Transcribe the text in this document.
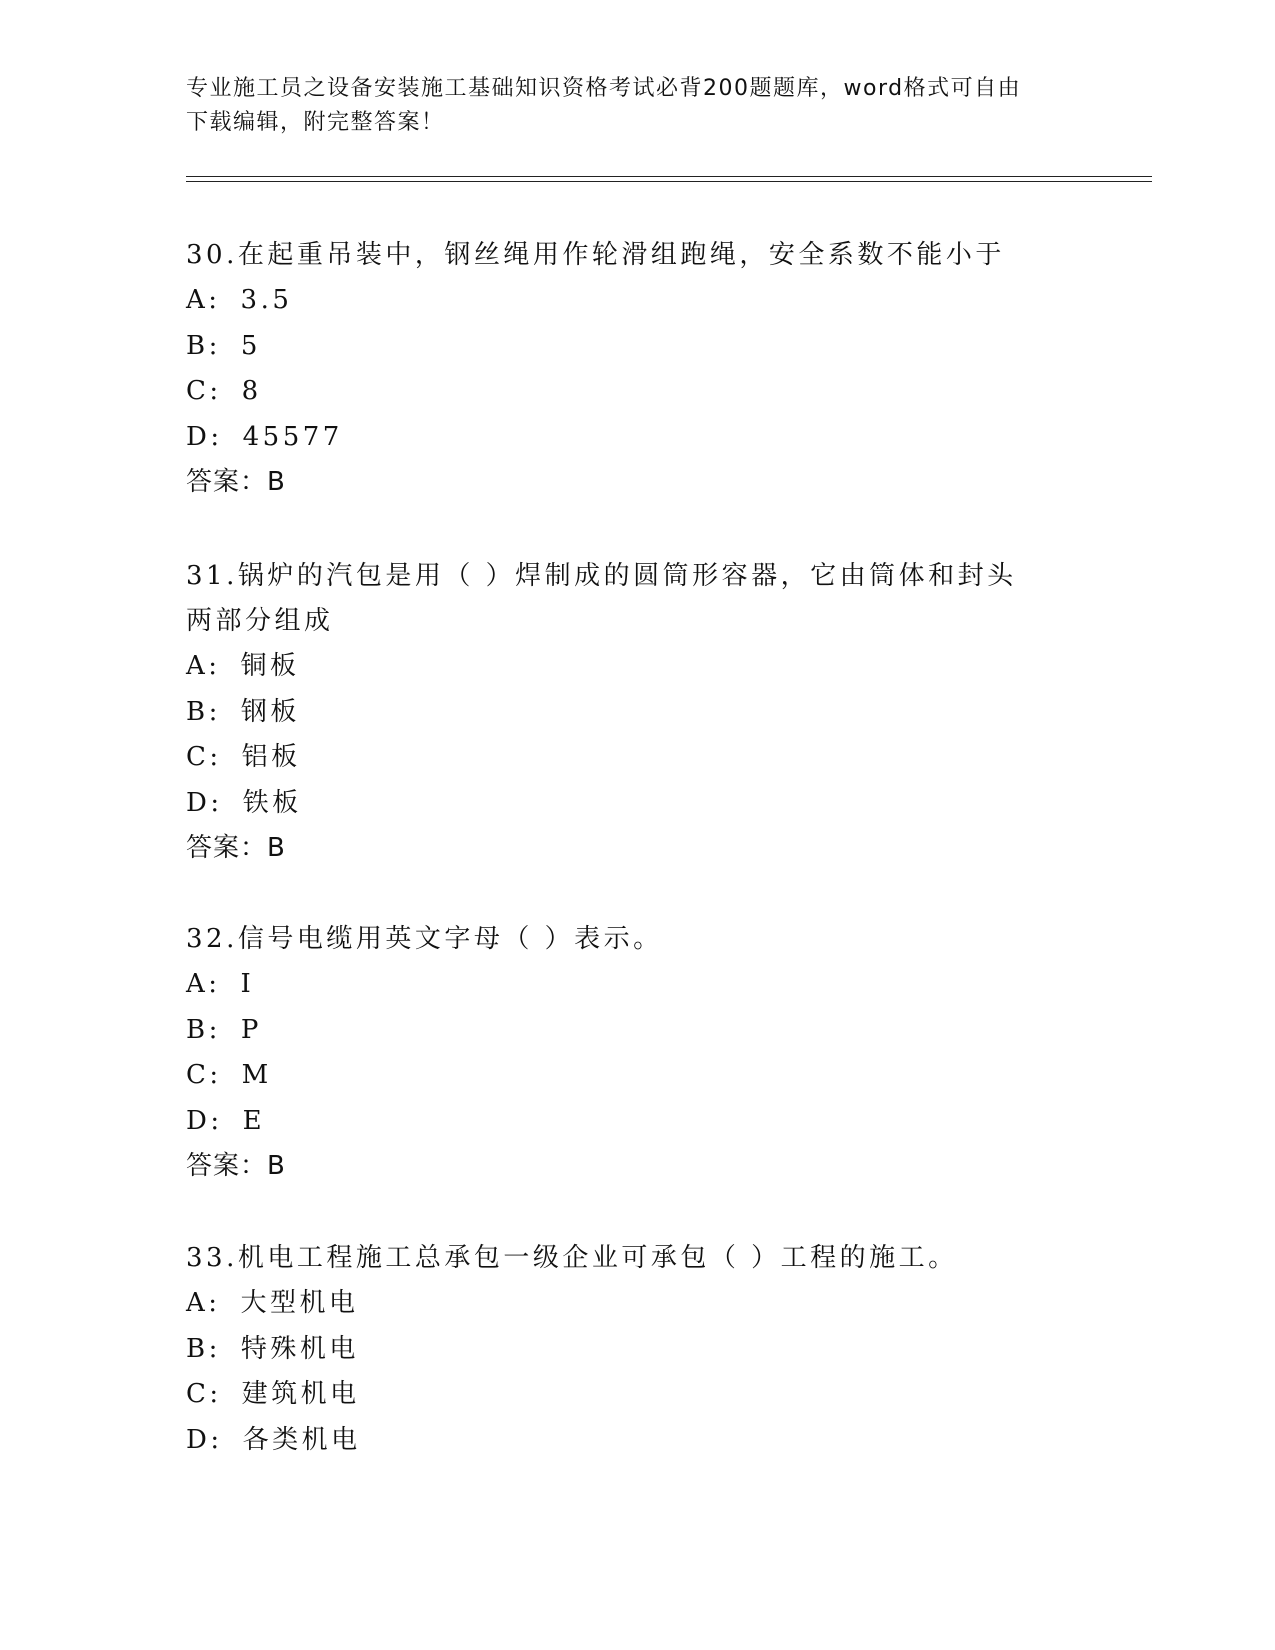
专业施工员之设备安装施工基础知识资格考试必背200题题库，word格式可自由
下载编辑，附完整答案！
30.在起重吊装中，钢丝绳用作轮滑组跑绳，安全系数不能小于
A: 3.5
B: 5
C: 8
D: 45577
答案：B
31.锅炉的汽包是用（ ）焊制成的圆筒形容器，它由筒体和封头两部分组成
A: 铜板
B: 钢板
C: 铝板
D: 铁板
答案：B
32.信号电缆用英文字母（ ）表示。
A: I
B: P
C: M
D: E
答案：B
33.机电工程施工总承包一级企业可承包（ ）工程的施工。
A: 大型机电
B: 特殊机电
C: 建筑机电
D: 各类机电
